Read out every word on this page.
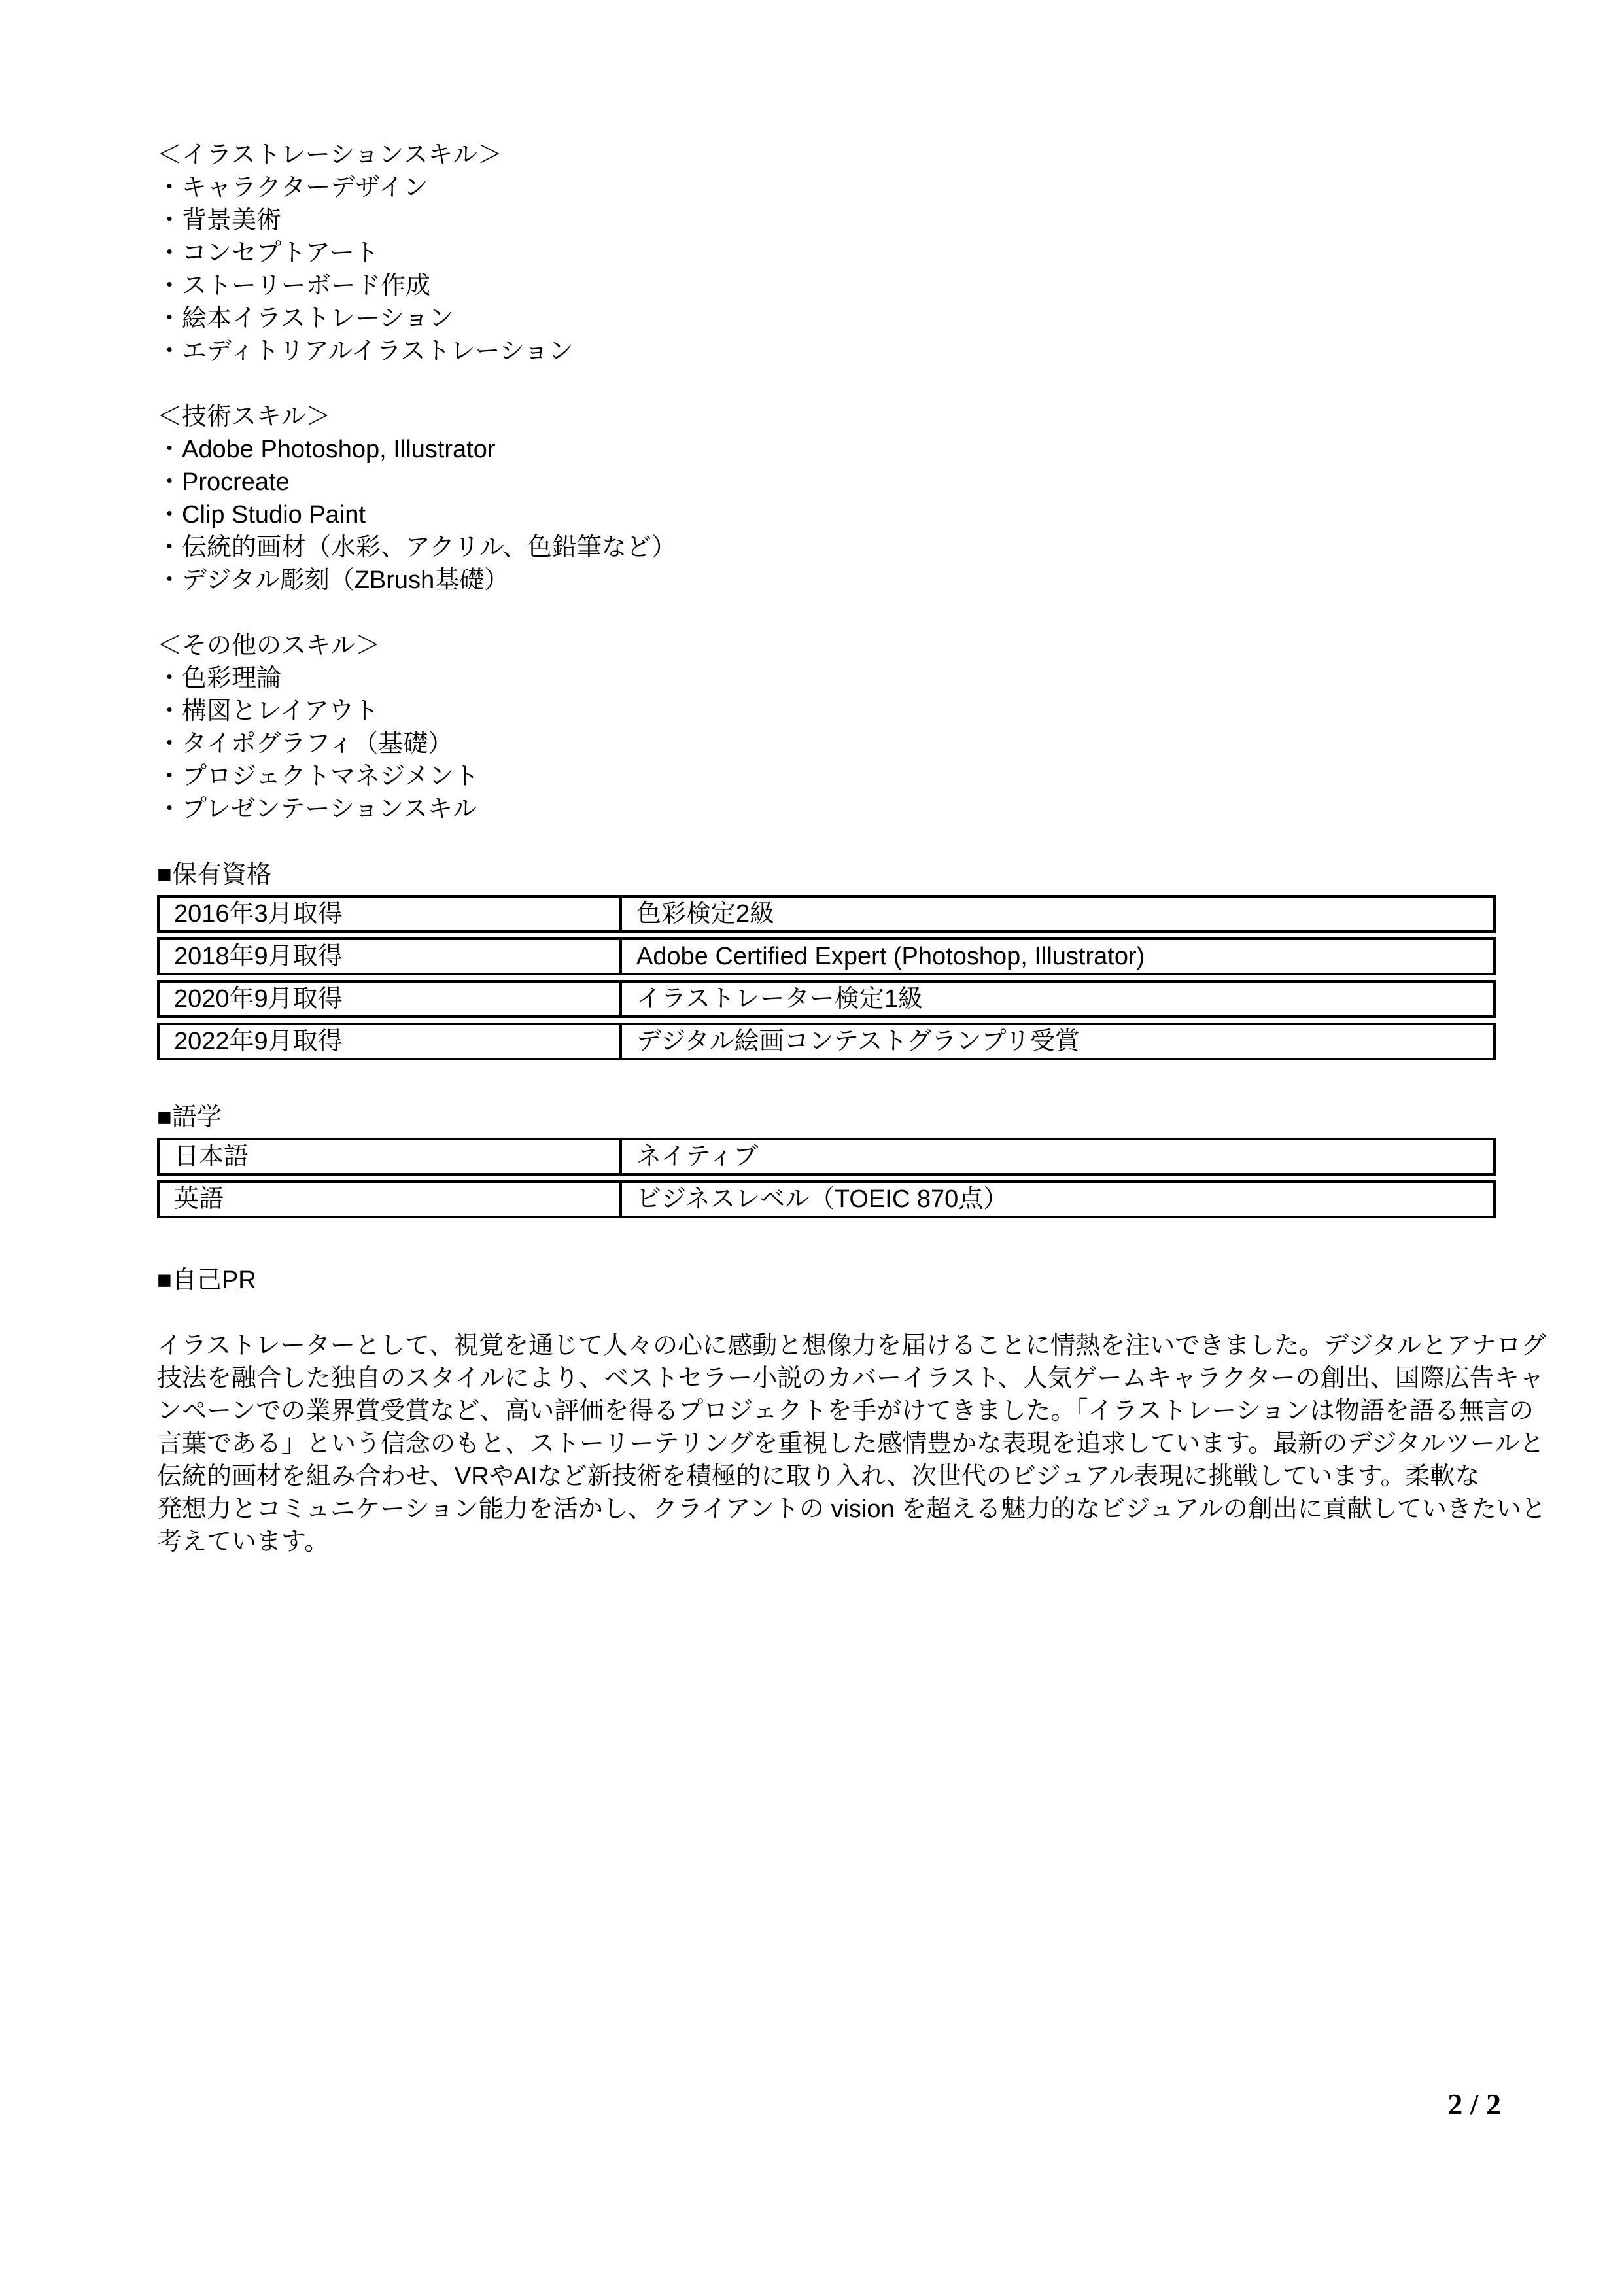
＜イラストレーションスキル＞
・キャラクターデザイン
・背景美術
・コンセプトアート
・ストーリーボード作成
・絵本イラストレーション
・エディトリアルイラストレーション
＜技術スキル＞
・Adobe Photoshop, Illustrator
・Procreate
・Clip Studio Paint
・伝統的画材（水彩、アクリル、色鉛筆など）
・デジタル彫刻（ZBrush基礎）
＜その他のスキル＞
・色彩理論
・構図とレイアウト
・タイポグラフィ（基礎）
・プロジェクトマネジメント
・プレゼンテーションスキル
■保有資格
2016年3月取得	色彩検定2級
2018年9月取得	Adobe Certified Expert (Photoshop, Illustrator)
2020年9月取得	イラストレーター検定1級
2022年9月取得	デジタル絵画コンテストグランプリ受賞
■語学
日本語	ネイティブ
英語	ビジネスレベル（TOEIC 870点）
■自己PR
イラストレーターとして、視覚を通じて人々の心に感動と想像力を届けることに情熱を注いできました。デジタルとアナログ
技法を融合した独自のスタイルにより、ベストセラー小説のカバーイラスト、人気ゲームキャラクターの創出、国際広告キャ
ンペーンでの業界賞受賞など、高い評価を得るプロジェクトを手がけてきました。「イラストレーションは物語を語る無言の
言葉である」という信念のもと、ストーリーテリングを重視した感情豊かな表現を追求しています。最新のデジタルツールと
伝統的画材を組み合わせ、VRやAIなど新技術を積極的に取り入れ、次世代のビジュアル表現に挑戦しています。柔軟な
発想力とコミュニケーション能力を活かし、クライアントの vision を超える魅力的なビジュアルの創出に貢献していきたいと
考えています。
2 / 2
